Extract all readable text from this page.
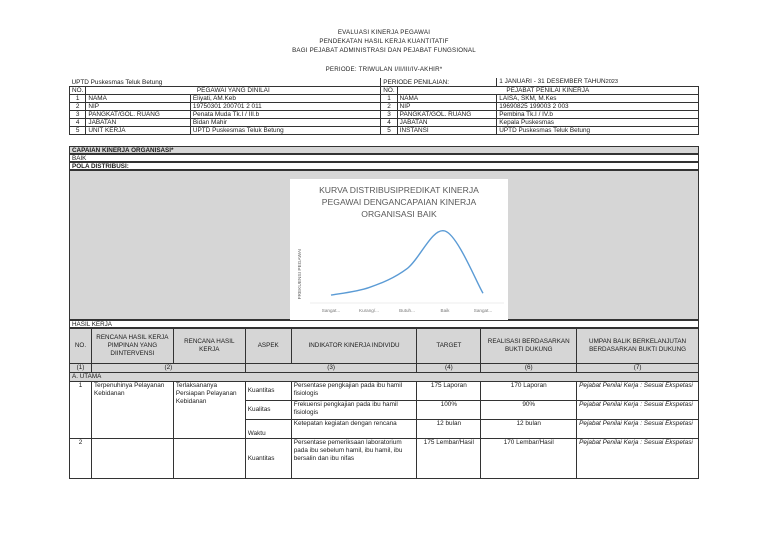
EVALUASI KINERJA PEGAWAI
PENDEKATAN HASIL KERJA KUANTITATIF
BAGI PEJABAT ADMINISTRASI DAN PEJABAT FUNGSIONAL
PERIODE: TRIWULAN I/II/III/IV-AKHIR*
UPTD Puskesmas Teluk Betung			PERIODE PENILAIAN:		1 JANUARI - 31 DESEMBER TAHUN2023
NO.	PEGAWAI YANG DINILAI		NO.	PEJABAT PENILAI KINERJA	
1	NAMA	Eliyati, AM.Keb	1	NAMA	LAISA, SKM, M.Kes
2	NIP	19750301 200701 2 011	2	NIP	19690825 199003 2 003
3	PANGKAT/GOL. RUANG	Penata Muda Tk.I / III.b	3	PANGKAT/GOL. RUANG	Pembina Tk.I / IV.b
4	JABATAN	Bidan Mahir	4	JABATAN	Kepala Puskesmas
5	UNIT KERJA	UPTD Puskesmas Teluk Betung	5	INSTANSI	UPTD Puskesmas Teluk Betung
CAPAIAN KINERJA ORGANISASI*
BAIK
POLA DISTRIBUSI:
KURVA DISTRIBUSIPREDIKAT KINERJA
PEGAWAI DENGANCAPAIAN KINERJA
ORGANISASI BAIK
FREKUENSI PEGAWAI
Sangat...	Kurang/...	Butuh...	Baik	Sangat...
HASIL KERJA
NO.	RENCANA HASIL KERJA PIMPINAN YANG DIINTERVENSI	RENCANA HASIL KERJA	ASPEK	INDIKATOR KINERJA INDIVIDU	TARGET	REALISASI BERDASARKAN BUKTI DUKUNG	UMPAN BALIK BERKELANJUTAN BERDASARKAN BUKTI DUKUNG
(1)	(2)		(3)		(4)	(6)	(7)
A. UTAMA							
1	Terpenuhinya Pelayanan Kebidanan	Terlaksananya Persiapan Pelayanan Kebidanan	Kuantitas	Persentase pengkajian pada ibu hamil fisiologis	175 Laporan	170 Laporan	Pejabat Penilai Kerja : Sesuai Ekspetasi
			Kualitas	Frekuensi pengkajian pada ibu hamil fisiologis	100%	90%	Pejabat Penilai Kerja : Sesuai Ekspetasi
			Waktu	Ketepatan kegiatan dengan rencana	12 bulan	12 bulan	Pejabat Penilai Kerja : Sesuai Ekspetasi
2			Kuantitas	Persentase pemeriksaan laboratorium pada ibu sebelum hamil, ibu hamil, ibu bersalin dan ibu nifas	175 Lembar/Hasil	170 Lembar/Hasil	Pejabat Penilai Kerja : Sesuai Ekspetasi
